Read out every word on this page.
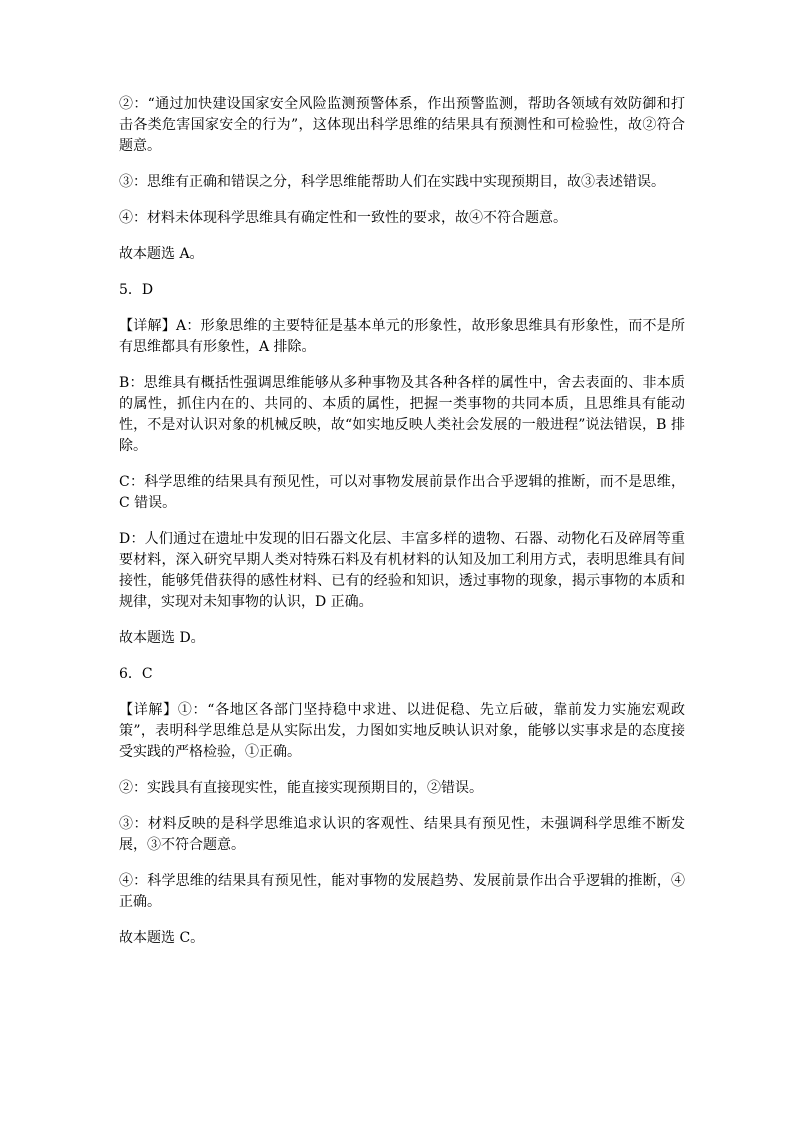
②：“通过加快建设国家安全风险监测预警体系，作出预警监测，帮助各领域有效防御和打击各类危害国家安全的行为”，这体现出科学思维的结果具有预测性和可检验性，故②符合题意。

③：思维有正确和错误之分，科学思维能帮助人们在实践中实现预期目，故③表述错误。

④：材料未体现科学思维具有确定性和一致性的要求，故④不符合题意。

故本题选 A。

5．D

【详解】A：形象思维的主要特征是基本单元的形象性，故形象思维具有形象性，而不是所有思维都具有形象性，A 排除。

B：思维具有概括性强调思维能够从多种事物及其各种各样的属性中，舍去表面的、非本质的属性，抓住内在的、共同的、本质的属性，把握一类事物的共同本质，且思维具有能动性，不是对认识对象的机械反映，故“如实地反映人类社会发展的一般进程”说法错误，B 排除。

C：科学思维的结果具有预见性，可以对事物发展前景作出合乎逻辑的推断，而不是思维，C 错误。

D：人们通过在遗址中发现的旧石器文化层、丰富多样的遗物、石器、动物化石及碎屑等重要材料，深入研究早期人类对特殊石料及有机材料的认知及加工利用方式，表明思维具有间接性，能够凭借获得的感性材料、已有的经验和知识，透过事物的现象，揭示事物的本质和规律，实现对未知事物的认识，D 正确。

故本题选 D。

6．C

【详解】①：“各地区各部门坚持稳中求进、以进促稳、先立后破，靠前发力实施宏观政策”，表明科学思维总是从实际出发，力图如实地反映认识对象，能够以实事求是的态度接受实践的严格检验，①正确。

②：实践具有直接现实性，能直接实现预期目的，②错误。

③：材料反映的是科学思维追求认识的客观性、结果具有预见性，未强调科学思维不断发展，③不符合题意。

④：科学思维的结果具有预见性，能对事物的发展趋势、发展前景作出合乎逻辑的推断，④正确。

故本题选 C。
